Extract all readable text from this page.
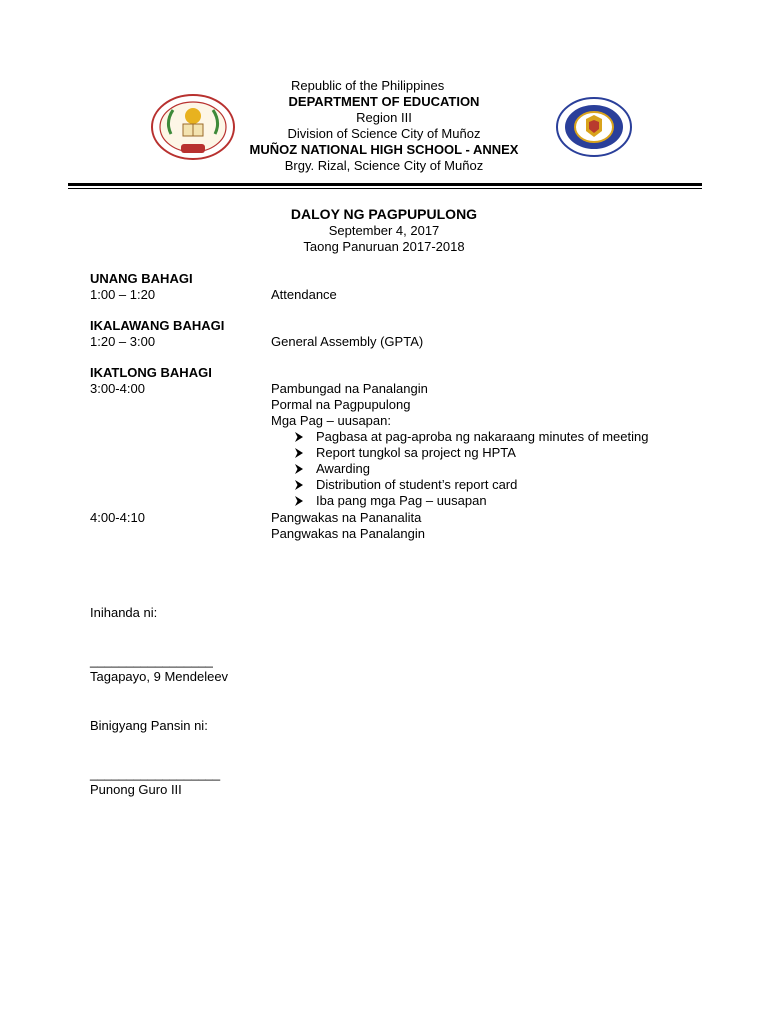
Republic of the Philippines
DEPARTMENT OF EDUCATION
Region III
Division of Science City of Muñoz
MUÑOZ NATIONAL HIGH SCHOOL - ANNEX
Brgy. Rizal, Science City of Muñoz
DALOY NG PAGPUPULONG
September 4, 2017
Taong Panuruan 2017-2018
UNANG BAHAGI
1:00 – 1:20	Attendance
IKALAWANG BAHAGI
1:20 – 3:00	General Assembly (GPTA)
IKATLONG BAHAGI
3:00-4:00	Pambungad na Panalangin
Pormal na Pagpupulong
Mga Pag – uusapan:
Pagbasa at pag-aproba ng nakaraang minutes of meeting
Report tungkol sa project ng HPTA
Awarding
Distribution of student’s report card
Iba pang mga Pag – uusapan
4:00-4:10	Pangwakas na Pananalita
Pangwakas na Panalangin
Inihanda ni:
_________________
Tagapayo, 9 Mendeleev
Binigyang Pansin ni:
__________________
Punong Guro III
